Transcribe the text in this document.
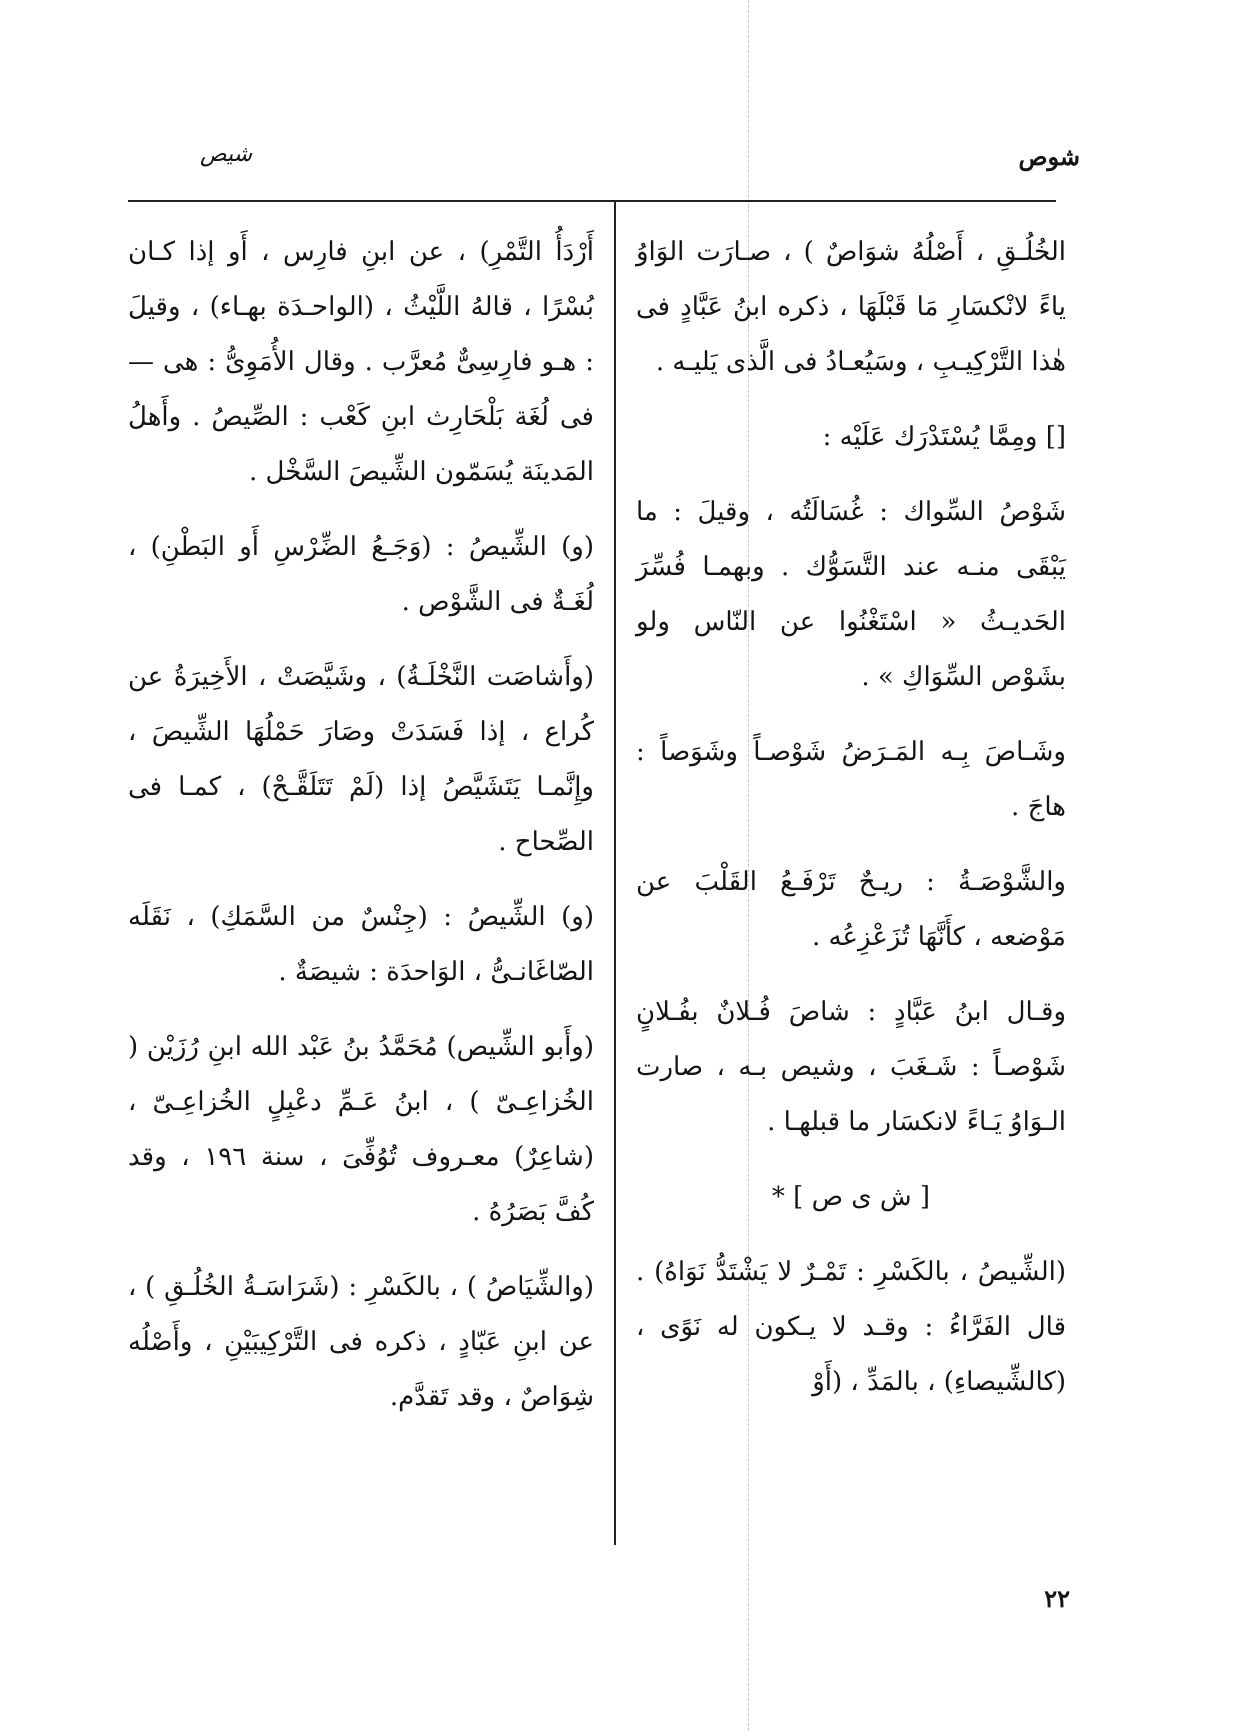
شوص
شيص

الخُلُـقِ ، أَصْلُهُ شوَاصٌ ) ، صـارَت الوَاوُ ياءً لانْكسَارِ مَا قَبْلَهَا ، ذكره ابنُ عَبَّادٍ فى هٰذا التَّرْكِيـبِ ، وسَيُعـادُ فى الَّذى يَليـه .

[] ومِمَّا يُسْتَدْرَك عَلَيْه :

شَوْصُ السِّواك : غُسَالَتُه ، وقيلَ : ما يَبْقَى منـه عند التَّسَوُّك . وبهمـا فُسِّرَ الحَديـثُ « اسْتَغْنُوا عن النّاس ولو بشَوْص السِّوَاكِ » .

وشَـاصَ بِـه المَـرَضُ شَوْصـاً وشَوَصاً : هاجَ .

والشَّوْصَـةُ : ريـحٌ تَرْفَـعُ القَلْبَ عن مَوْضعه ، كأَنَّهَا تُزَعْزِعُه .

وقـال ابنُ عَبَّادٍ : شاصَ فُـلانٌ بفُـلانٍ شَوْصـاً : شَـغَبَ ، وشيص بـه ، صارت الـوَاوُ يَـاءً لانكسَار ما قبلهـا .

[ ش ى ص ] *

(الشِّيصُ ، بالكَسْرِ : تَمْـرٌ لا يَشْتَدُّ نَوَاهُ) . قال الفَرَّاءُ : وقـد لا يـكون له نَوًى ، (كالشِّيصاءِ) ، بالمَدِّ ، (أَوْ

أَرْدَأُ التَّمْرِ) ، عن ابنِ فارِس ، أَو إذا كـان بُسْرًا ، قالهُ اللَّيْثُ ، (الواحـدَة بهـاء) ، وقيلَ : هـو فارِسِىٌّ مُعرَّب . وقال الأُمَوِىُّ : هى — فى لُغَة بَلْحَارِث ابنِ كَعْب : الصِّيصُ . وأَهلُ المَدينَة يُسَمّون الشِّيصَ السَّخْل .

(و) الشِّيصُ : (وَجَـعُ الضِّرْسِ أَو البَطْنِ) ، لُغَـةٌ فى الشَّوْص .

(وأَشاصَت النَّخْلَـةُ) ، وشَيَّصَتْ ، الأَخِيرَةُ عن كُراع ، إذا فَسَدَتْ وصَارَ حَمْلُهَا الشِّيصَ ، وإِنَّمـا يَتَشَيَّصُ إذا (لَمْ تَتَلَقَّـحْ) ، كمـا فى الصِّحاح .

(و) الشِّيصُ : (جِنْسٌ من السَّمَكِ) ، نَقَلَه الصّاغَانـىُّ ، الوَاحدَة : شيصَةٌ .

(وأَبو الشِّيص) مُحَمَّدُ بنُ عَبْد الله ابنِ رُزَيْن ( الخُزاعِـىّ ) ، ابنُ عَـمِّ دعْبِلٍ الخُزاعِـىّ ، (شاعِرٌ) معـروف تُوُفِّىَ ، سنة ١٩٦ ، وقد كُفَّ بَصَرُهُ .

(والشِّيَاصُ ) ، بالكَسْرِ : (شَرَاسَـةُ الخُلُـقِ ) ، عن ابنِ عَبّادٍ ، ذكره فى التَّرْكِيبَيْنِ ، وأَصْلُه شِوَاصٌ ، وقد تَقدَّم.

٢٢
